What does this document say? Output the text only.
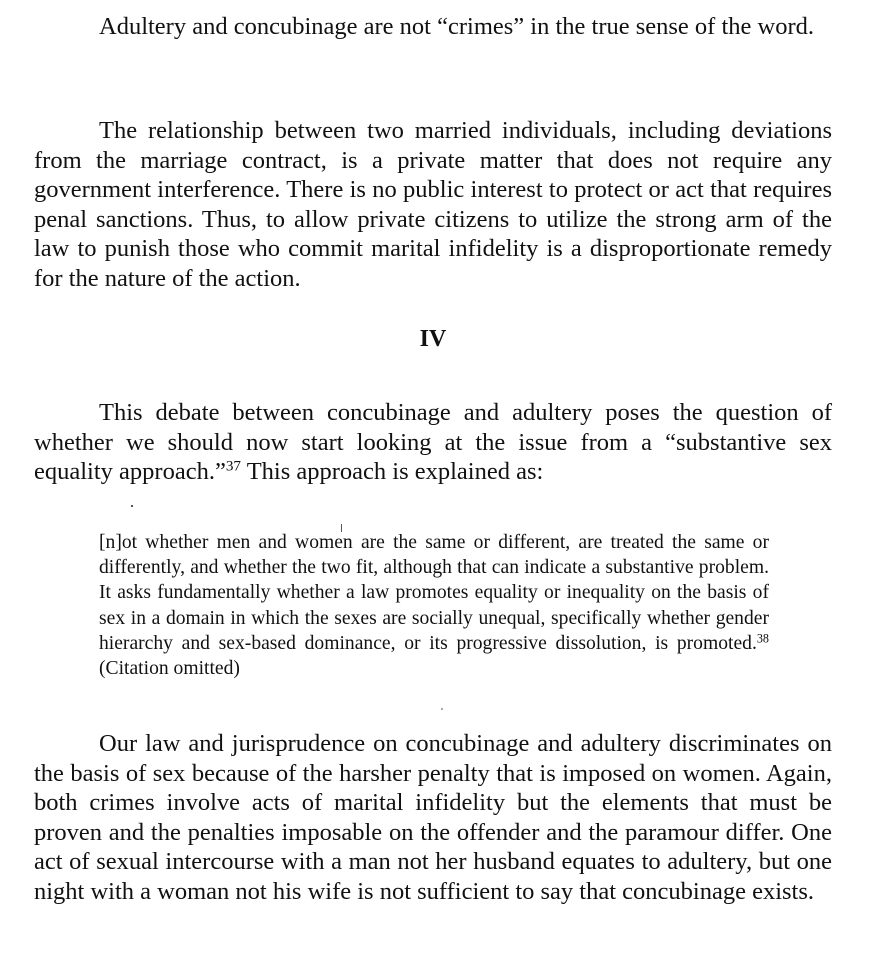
Adultery and concubinage are not “crimes” in the true sense of the word.

The relationship between two married individuals, including deviations from the marriage contract, is a private matter that does not require any government interference. There is no public interest to protect or act that requires penal sanctions. Thus, to allow private citizens to utilize the strong arm of the law to punish those who commit marital infidelity is a disproportionate remedy for the nature of the action.

IV

This debate between concubinage and adultery poses the question of whether we should now start looking at the issue from a “substantive sex equality approach.”$^{37}$ This approach is explained as:

[n]ot whether men and women are the same or different, are treated the same or differently, and whether the two fit, although that can indicate a substantive problem. It asks fundamentally whether a law promotes equality or inequality on the basis of sex in a domain in which the sexes are socially unequal, specifically whether gender hierarchy and sex-based dominance, or its progressive dissolution, is promoted.$^{38}$ (Citation omitted)

Our law and jurisprudence on concubinage and adultery discriminates on the basis of sex because of the harsher penalty that is imposed on women. Again, both crimes involve acts of marital infidelity but the elements that must be proven and the penalties imposable on the offender and the paramour differ. One act of sexual intercourse with a man not her husband equates to adultery, but one night with a woman not his wife is not sufficient to say that concubinage exists.
